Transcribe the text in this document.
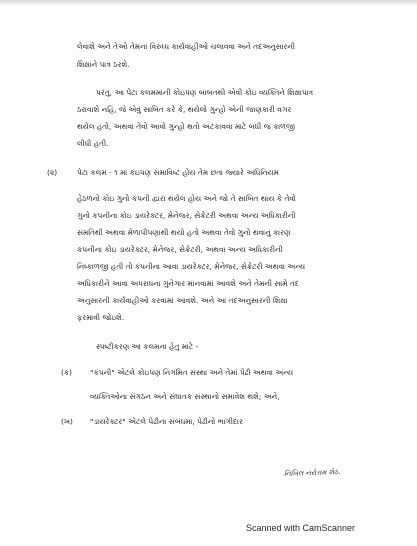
લેવાશે અને તેઓ તેમના વિરુધ્ધ કાર્યવાહીઓ ચલાવવા અને તદઅનુસારની
શિક્ષાને પાત્ર ઠરશે.
પરંતુ, આ પેટા કલમમાંની કોઇપણ બાબતથી એવી કોઇ વ્યક્તિને શિક્ષાપાત્ર
ઠરાવાશે નહિ, જે એવું સાબિત કરે કે, થયેલો ગુન્હો એની જાણકારી વગર
થયેલ હતો, અથવા તેવો આવો ગુન્હો થતો અટકાવવા માટે બધી જ કાળજી
લીધી હતી.
(૨)	પેટા કલમ - ૧ માં કંઇપણ સમાવિષ્ટ હોય તેમ છતાં જ્યારે અધિનિયમ
હેઠળનો કોઇ ગુનો કંપની દ્વારા થયેલ હોય અને જો તે સાબિત થાય કે તેવો
ગુનો કંપનીના કોઇ ડાયરેક્ટર, મેનેજર, સેક્રેટરી અથવા અન્ય અધિકારીની
સંમતિથી અથવા મેળાપીપણાથી થયો હતો અથવા તેવો ગુનો થવાનું કારણ
કંપનીના કોઇ ડાયરેક્ટર, મેનેજર, સેક્રેટરી, અથવા અન્ય અધિકારીની
નિષ્કાળજી હતી તો કંપનીના આવા ડાયરેક્ટર, મેનેજર, સેક્રેટરી અથવા અન્ય
અધિકારીને આવા અપરાધના ગુનેગાર માનવામાં આવશે અને તેમની સામે તદ
અનુસારની કાર્યવાહીઓ કરવામાં આવશે. અને આ તદઅનુસારની શિક્ષા
ફરમાવી જોઇશે.
સ્પષ્ટીકરણઃઆ કલમના હેતુ માટે -
(ક) "કંપની" એટલે કોઇપણ નિગમિત સંસ્થા અને તેમાં પેઢી અથવા અન્ય
વ્યક્તિઓના સંગઠન અને સંઘાતક સંસ્થાનો સમાવેશ થશે; અને,
(ખ) "ડાયરેક્ટર" એટલે પેઢીના સંબંધમાં, પેઢીનો ભાગીદાર
નિખિલ નરોત્તમ શેઠ.
Scanned with CamScanner
